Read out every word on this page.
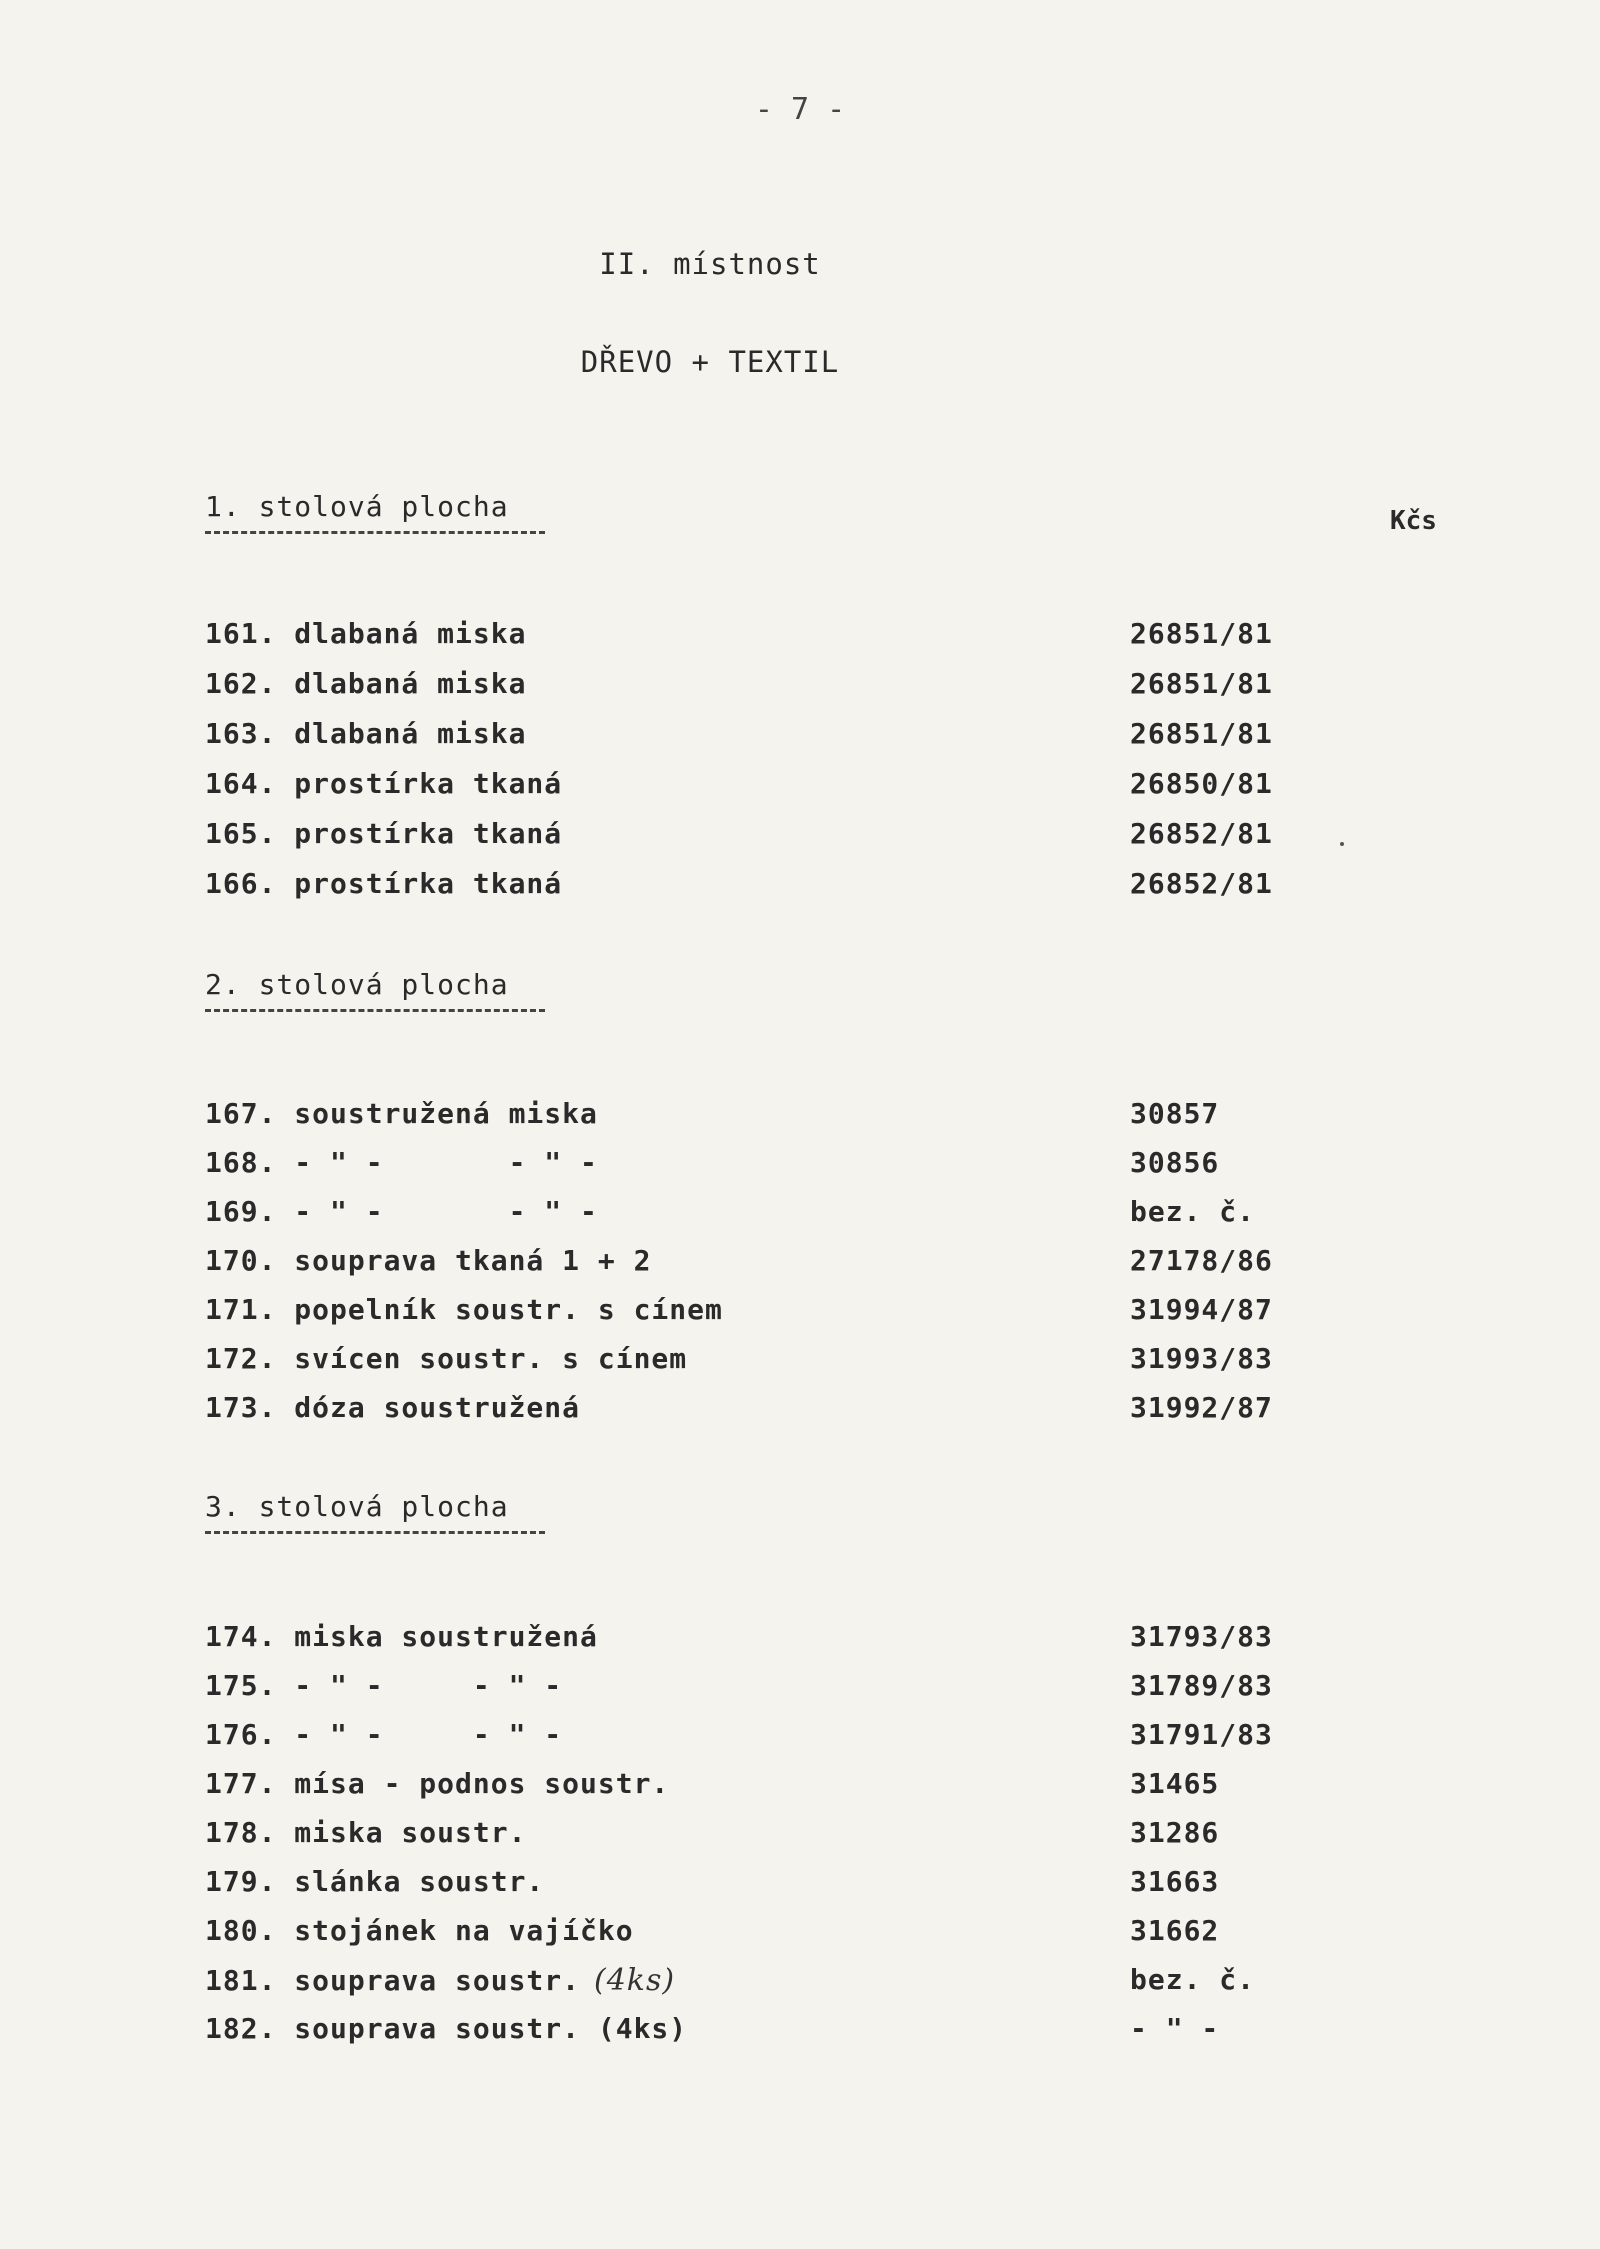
- 7 -
II. místnost
DŘEVO + TEXTIL
Kčs
1. stolová plocha
161. dlabaná miska	26851/81
162. dlabaná miska	26851/81
163. dlabaná miska	26851/81
164. prostírka tkaná	26850/81
165. prostírka tkaná	26852/81
166. prostírka tkaná	26852/81
2. stolová plocha
167. soustružená miska	30857
168. - " -       - " -	30856
169. - " -       - " -	bez. č.
170. souprava tkaná 1 + 2	27178/86
171. popelník soustr. s cínem	31994/87
172. svícen soustr. s cínem	31993/83
173. dóza soustružená	31992/87
3. stolová plocha
174. miska soustružená	31793/83
175. - " -     - " -	31789/83
176. - " -     - " -	31791/83
177. mísa - podnos soustr.	31465
178. miska soustr.	31286
179. slánka soustr.	31663
180. stojánek na vajíčko	31662
181. souprava soustr. (4ks)	bez. č.
182. souprava soustr. (4ks)	- " -
